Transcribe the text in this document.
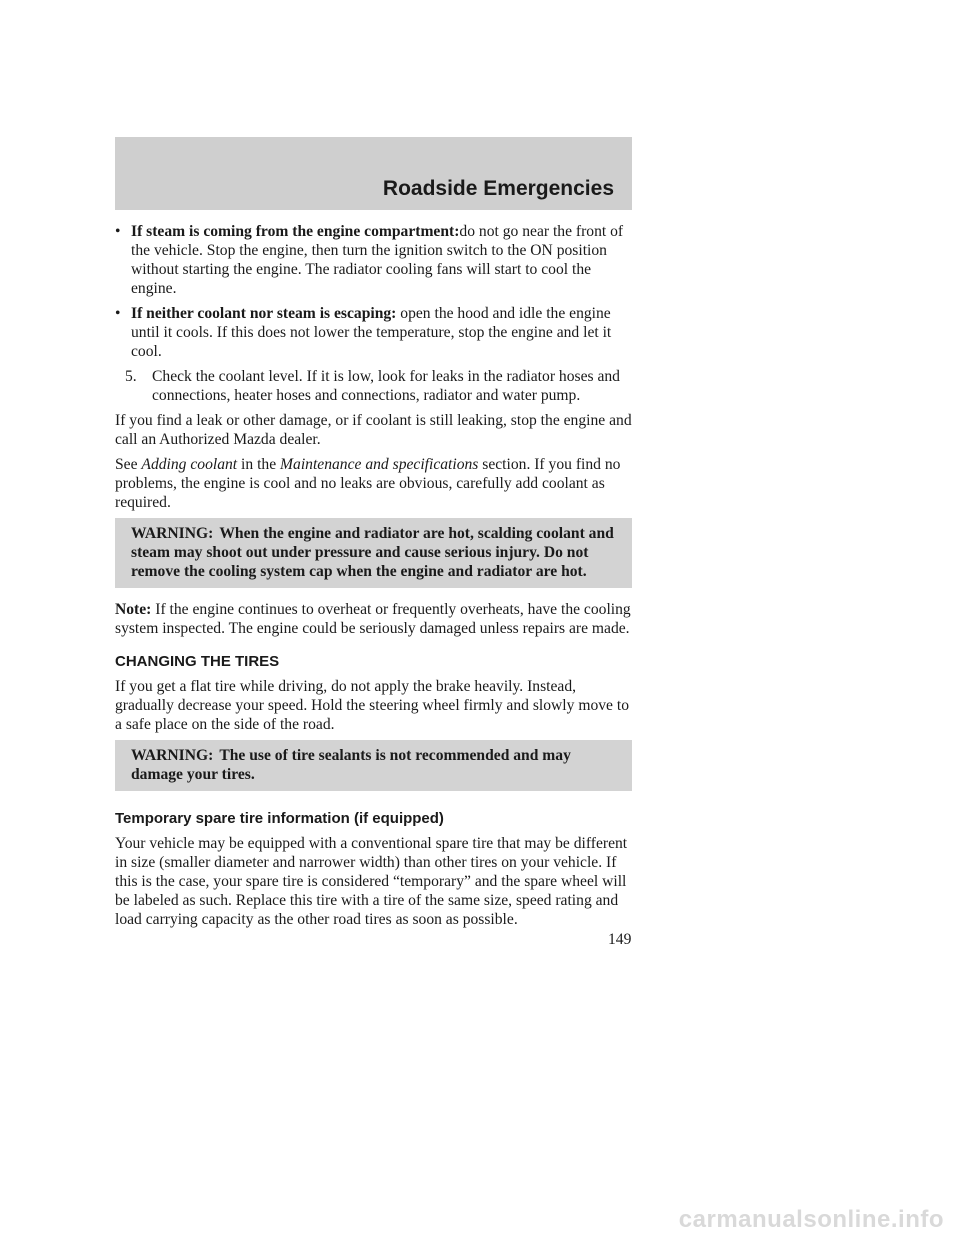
Roadside Emergencies
• If steam is coming from the engine compartment:do not go near the front of the vehicle. Stop the engine, then turn the ignition switch to the ON position without starting the engine. The radiator cooling fans will start to cool the engine.
• If neither coolant nor steam is escaping: open the hood and idle the engine until it cools. If this does not lower the temperature, stop the engine and let it cool.
5. Check the coolant level. If it is low, look for leaks in the radiator hoses and connections, heater hoses and connections, radiator and water pump.

If you find a leak or other damage, or if coolant is still leaking, stop the engine and call an Authorized Mazda dealer.

See Adding coolant in the Maintenance and specifications section. If you find no problems, the engine is cool and no leaks are obvious, carefully add coolant as required.

WARNING: When the engine and radiator are hot, scalding coolant and steam may shoot out under pressure and cause serious injury. Do not remove the cooling system cap when the engine and radiator are hot.

Note: If the engine continues to overheat or frequently overheats, have the cooling system inspected. The engine could be seriously damaged unless repairs are made.

CHANGING THE TIRES

If you get a flat tire while driving, do not apply the brake heavily. Instead, gradually decrease your speed. Hold the steering wheel firmly and slowly move to a safe place on the side of the road.

WARNING: The use of tire sealants is not recommended and may damage your tires.
Temporary spare tire information (if equipped)

Your vehicle may be equipped with a conventional spare tire that may be different in size (smaller diameter and narrower width) than other tires on your vehicle. If this is the case, your spare tire is considered “temporary” and the spare wheel will be labeled as such. Replace this tire with a tire of the same size, speed rating and load carrying capacity as the other road tires as soon as possible.

149
carmanualsonline.info
